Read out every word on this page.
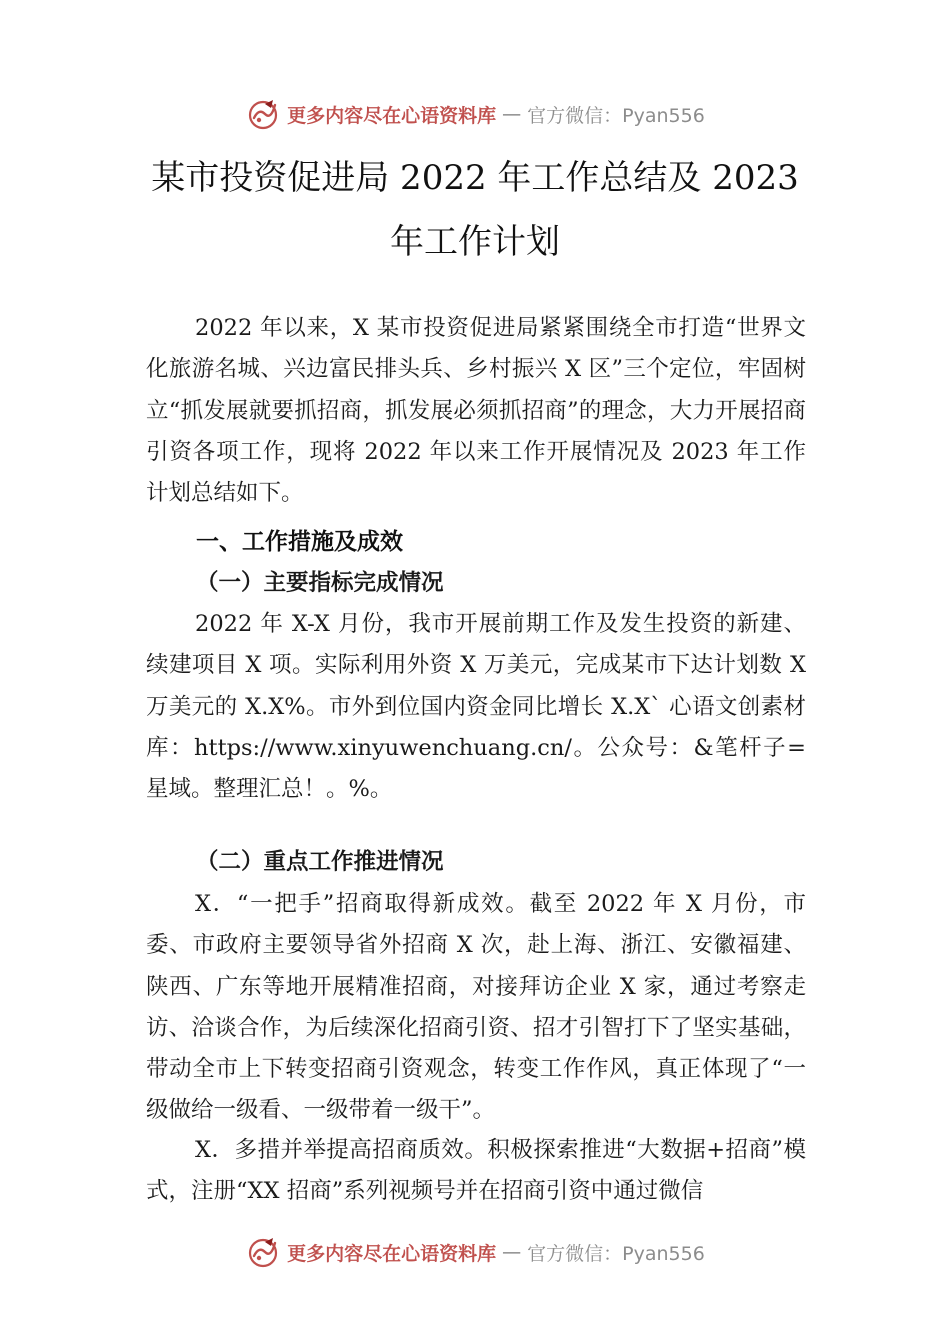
更多内容尽在心语资料库 — 官方微信：Pyan556
某市投资促进局 2022 年工作总结及 2023
年工作计划

2022 年以来，X 某市投资促进局紧紧围绕全市打造“世界文化旅游名城、兴边富民排头兵、乡村振兴 X 区”三个定位，牢固树立“抓发展就要抓招商，抓发展必须抓招商”的理念，大力开展招商引资各项工作，现将 2022 年以来工作开展情况及 2023 年工作计划总结如下。

一、工作措施及成效
（一）主要指标完成情况

2022 年 X-X 月份，我市开展前期工作及发生投资的新建、续建项目 X 项。实际利用外资 X 万美元，完成某市下达计划数 X 万美元的 X.X%。市外到位国内资金同比增长 X.X` 心语文创素材库：https://www.xinyuwenchuang.cn/。公众号：&笔杆子=星域。整理汇总！。%。

（二）重点工作推进情况

X．“一把手”招商取得新成效。截至 2022 年 X 月份，市委、市政府主要领导省外招商 X 次，赴上海、浙江、安徽福建、陕西、广东等地开展精准招商，对接拜访企业 X 家，通过考察走访、洽谈合作，为后续深化招商引资、招才引智打下了坚实基础，带动全市上下转变招商引资观念，转变工作作风，真正体现了“一级做给一级看、一级带着一级干”。

X．多措并举提高招商质效。积极探索推进“大数据+招商”模式，注册“XX 招商”系列视频号并在招商引资中通过微信

更多内容尽在心语资料库 — 官方微信：Pyan556
